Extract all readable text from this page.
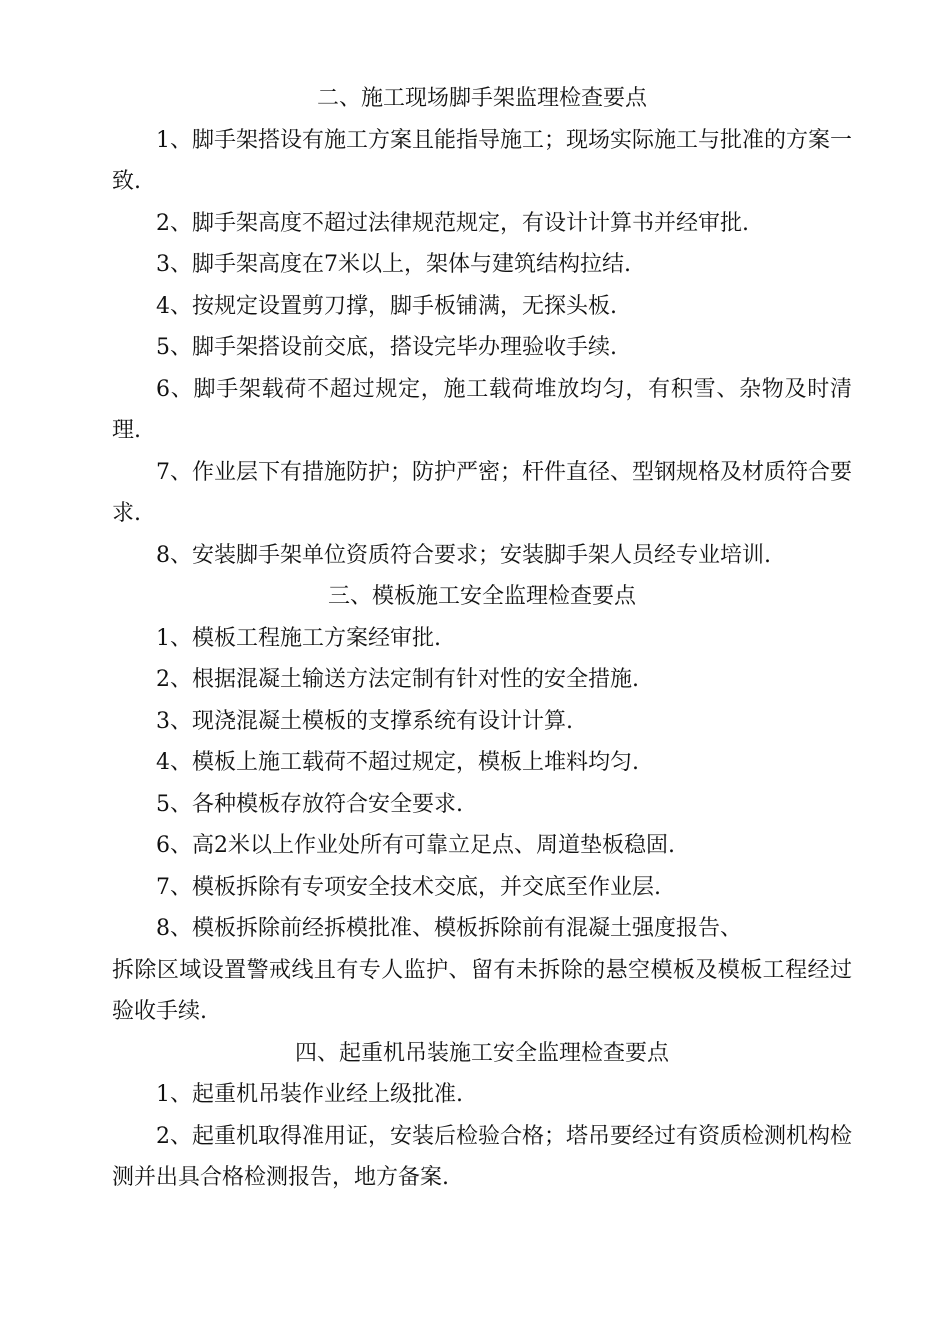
二、施工现场脚手架监理检查要点

1、脚手架搭设有施工方案且能指导施工；现场实际施工与批准的方案一致.

2、脚手架高度不超过法律规范规定，有设计计算书并经审批.

3、脚手架高度在7米以上，架体与建筑结构拉结.

4、按规定设置剪刀撑，脚手板铺满，无探头板.

5、脚手架搭设前交底，搭设完毕办理验收手续.

6、脚手架载荷不超过规定，施工载荷堆放均匀，有积雪、杂物及时清理.

7、作业层下有措施防护；防护严密；杆件直径、型钢规格及材质符合要求.

8、安装脚手架单位资质符合要求；安装脚手架人员经专业培训.

三、模板施工安全监理检查要点

1、模板工程施工方案经审批.

2、根据混凝土输送方法定制有针对性的安全措施.

3、现浇混凝土模板的支撑系统有设计计算.

4、模板上施工载荷不超过规定，模板上堆料均匀.

5、各种模板存放符合安全要求.

6、高2米以上作业处所有可靠立足点、周道垫板稳固.

7、模板拆除有专项安全技术交底，并交底至作业层.

8、模板拆除前经拆模批准、模板拆除前有混凝土强度报告、

拆除区域设置警戒线且有专人监护、留有未拆除的悬空模板及模板工程经过验收手续.

四、起重机吊装施工安全监理检查要点

1、起重机吊装作业经上级批准.

2、起重机取得准用证，安装后检验合格；塔吊要经过有资质检测机构检测并出具合格检测报告，地方备案.
